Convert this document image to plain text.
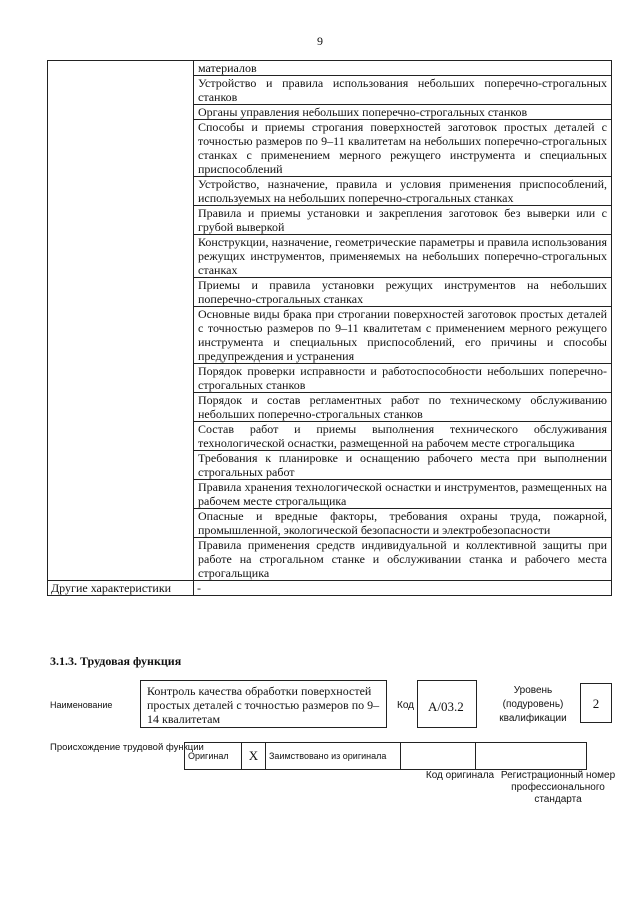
9
	материалов
	Устройство и правила использования небольших поперечно-строгальных станков
	Органы управления небольших поперечно-строгальных станков
	Способы и приемы строгания поверхностей заготовок простых деталей с точностью размеров по 9–11 квалитетам на небольших поперечно-строгальных станках с применением мерного режущего инструмента и специальных приспособлений
	Устройство, назначение, правила и условия применения приспособлений, используемых на небольших поперечно-строгальных станках
	Правила и приемы установки и закрепления заготовок без выверки или с грубой выверкой
	Конструкции, назначение, геометрические параметры и правила использования режущих инструментов, применяемых на небольших поперечно-строгальных станках
	Приемы и правила установки режущих инструментов на небольших поперечно-строгальных станках
	Основные виды брака при строгании поверхностей заготовок простых деталей с точностью размеров по 9–11 квалитетам с применением мерного режущего инструмента и специальных приспособлений, его причины и способы предупреждения и устранения
	Порядок проверки исправности и работоспособности небольших поперечно-строгальных станков
	Порядок и состав регламентных работ по техническому обслуживанию небольших поперечно-строгальных станков
	Состав работ и приемы выполнения технического обслуживания технологической оснастки, размещенной на рабочем месте строгальщика
	Требования к планировке и оснащению рабочего места при выполнении строгальных работ
	Правила хранения технологической оснастки и инструментов, размещенных на рабочем месте строгальщика
	Опасные и вредные факторы, требования охраны труда, пожарной, промышленной, экологической безопасности и электробезопасности
	Правила применения средств индивидуальной и коллективной защиты при работе на строгальном станке и обслуживании станка и рабочего места строгальщика
Другие характеристики	-
3.1.3. Трудовая функция
Наименование
Контроль качества обработки поверхностей простых деталей с точностью размеров по 9–14 квалитетам
Код	А/03.2
Уровень (подуровень) квалификации
2
Происхождение трудовой функции
Оригинал	X	Заимствовано из оригинала		
Код оригинала Регистрационный номер профессионального стандарта
